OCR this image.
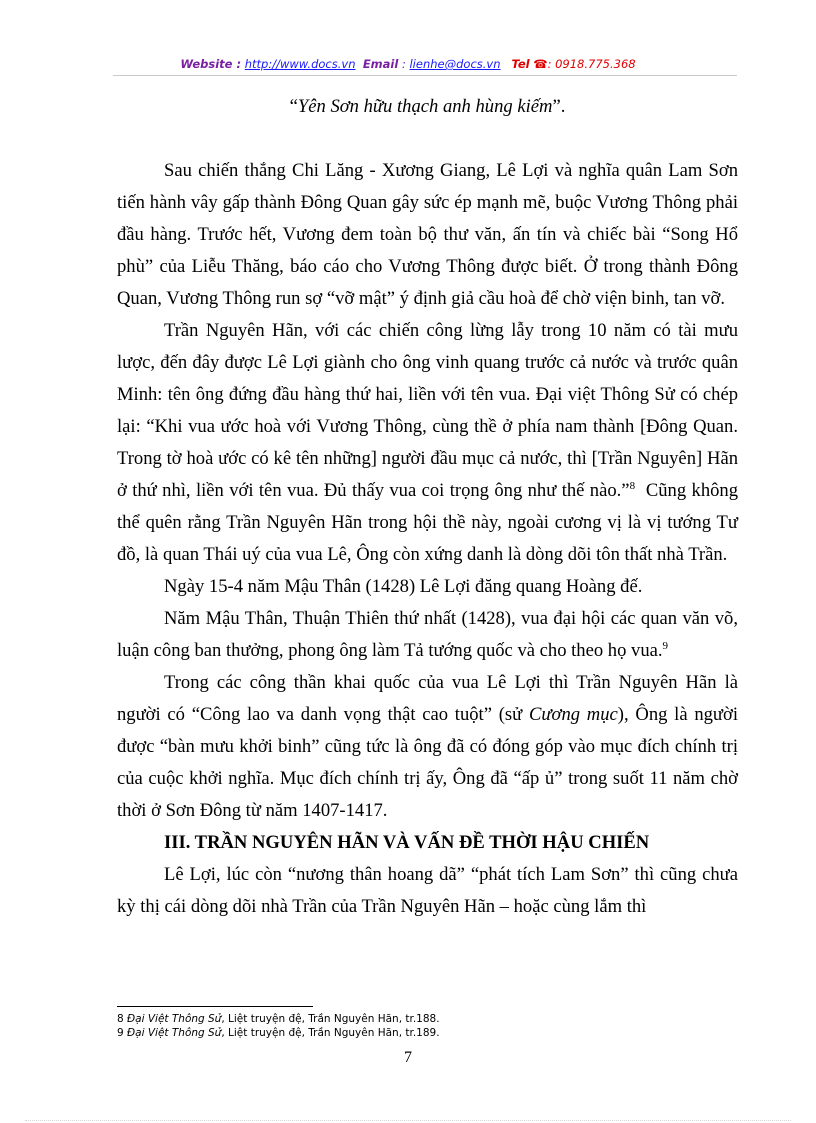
Website : http://www.docs.vn Email : lienhe@docs.vn Tel ☎: 0918.775.368
“Yên Sơn hữu thạch anh hùng kiếm”.

Sau chiến thắng Chi Lăng - Xương Giang, Lê Lợi và nghĩa quân Lam Sơn tiến hành vây gấp thành Đông Quan gây sức ép mạnh mẽ, buộc Vương Thông phải đầu hàng. Trước hết, Vương đem toàn bộ thư văn, ấn tín và chiếc bài “Song Hổ phù” của Liễu Thăng, báo cáo cho Vương Thông được biết. Ở trong thành Đông Quan, Vương Thông run sợ “vỡ mật” ý định giả cầu hoà để chờ viện binh, tan vỡ.

Trần Nguyên Hãn, với các chiến công lừng lẫy trong 10 năm có tài mưu lược, đến đây được Lê Lợi giành cho ông vinh quang trước cả nước và trước quân Minh: tên ông đứng đầu hàng thứ hai, liền với tên vua. Đại việt Thông Sử có chép lại: “Khi vua ước hoà với Vương Thông, cùng thề ở phía nam thành [Đông Quan. Trong tờ hoà ước có kê tên những] người đầu mục cả nước, thì [Trần Nguyên] Hãn ở thứ nhì, liền với tên vua. Đủ thấy vua coi trọng ông như thế nào.”$^8$ Cũng không thể quên rằng Trần Nguyên Hãn trong hội thề này, ngoài cương vị là vị tướng Tư đồ, là quan Thái uý của vua Lê, Ông còn xứng danh là dòng dõi tôn thất nhà Trần.

Ngày 15-4 năm Mậu Thân (1428) Lê Lợi đăng quang Hoàng đế.

Năm Mậu Thân, Thuận Thiên thứ nhất (1428), vua đại hội các quan văn võ, luận công ban thưởng, phong ông làm Tả tướng quốc và cho theo họ vua.$^9$

Trong các công thần khai quốc của vua Lê Lợi thì Trần Nguyên Hãn là người có “Công lao va danh vọng thật cao tuột” (sử Cương mục), Ông là người được “bàn mưu khởi binh” cũng tức là ông đã có đóng góp vào mục đích chính trị của cuộc khởi nghĩa. Mục đích chính trị ấy, Ông đã “ấp ủ” trong suốt 11 năm chờ thời ở Sơn Đông từ năm 1407-1417.

III. TRẦN NGUYÊN HÃN VÀ VẤN ĐỀ THỜI HẬU CHIẾN

Lê Lợi, lúc còn “nương thân hoang dã” “phát tích Lam Sơn” thì cũng chưa kỳ thị cái dòng dõi nhà Trần của Trần Nguyên Hãn – hoặc cùng lắm thì

8 Đại Việt Thông Sử, Liệt truyện đệ, Trần Nguyên Hãn, tr.188.
9 Đại Việt Thông Sử, Liệt truyện đệ, Trần Nguyên Hãn, tr.189.
7
